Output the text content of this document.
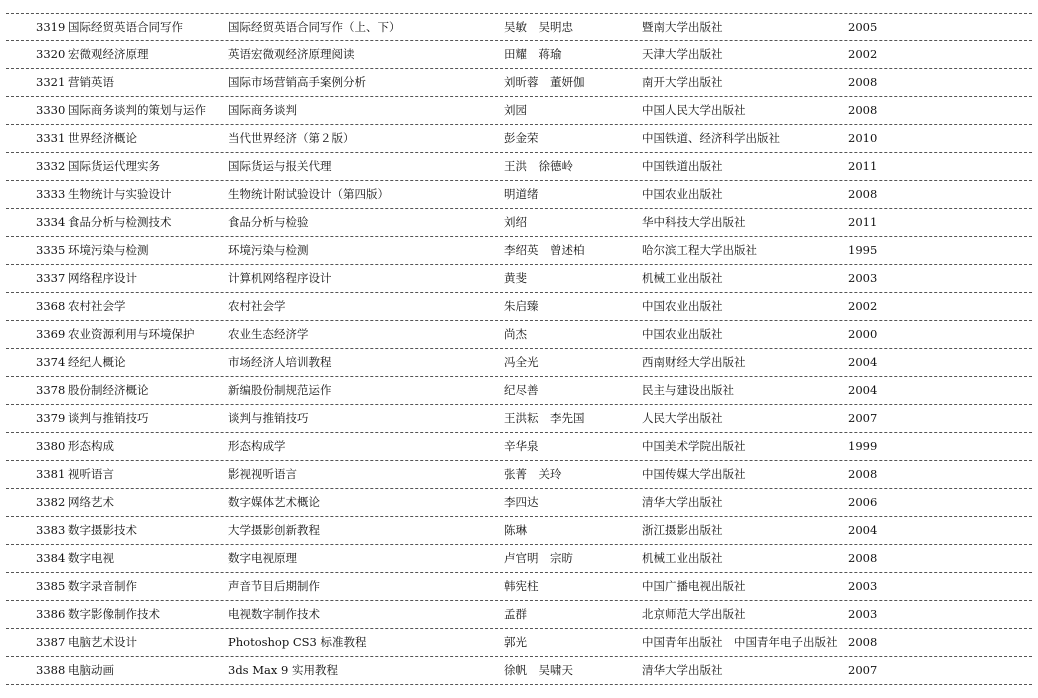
3319 国际经贸英语合同写作	国际经贸英语合同写作（上、下）	吴敏　吴明忠	暨南大学出版社	2005
3320 宏微观经济原理	英语宏微观经济原理阅读	田耀　蒋瑜	天津大学出版社	2002
3321 营销英语	国际市场营销高手案例分析	刘昕蓉　董妍伽	南开大学出版社	2008
3330 国际商务谈判的策划与运作	国际商务谈判	刘园	中国人民大学出版社	2008
3331 世界经济概论	当代世界经济（第２版）	彭金荣	中国铁道、经济科学出版社	2010
3332 国际货运代理实务	国际货运与报关代理	王洪　徐德岭	中国铁道出版社	2011
3333 生物统计与实验设计	生物统计附试验设计（第四版）	明道绪	中国农业出版社	2008
3334 食品分析与检测技术	食品分析与检验	刘绍	华中科技大学出版社	2011
3335 环境污染与检测	环境污染与检测	李绍英　曾述柏	哈尔滨工程大学出版社	1995
3337 网络程序设计	计算机网络程序设计	黄斐	机械工业出版社	2003
3368 农村社会学	农村社会学	朱启臻	中国农业出版社	2002
3369 农业资源利用与环境保护	农业生态经济学	尚杰	中国农业出版社	2000
3374 经纪人概论	市场经济人培训教程	冯全光	西南财经大学出版社	2004
3378 股份制经济概论	新编股份制规范运作	纪尽善	民主与建设出版社	2004
3379 谈判与推销技巧	谈判与推销技巧	王洪耘　李先国	人民大学出版社	2007
3380 形态构成	形态构成学	辛华泉	中国美术学院出版社	1999
3381 视听语言	影视视听语言	张菁　关玲	中国传媒大学出版社	2008
3382 网络艺术	数字媒体艺术概论	李四达	清华大学出版社	2006
3383 数字摄影技术	大学摄影创新教程	陈琳	浙江摄影出版社	2004
3384 数字电视	数字电视原理	卢官明　宗昉	机械工业出版社	2008
3385 数字录音制作	声音节目后期制作	韩宪柱	中国广播电视出版社	2003
3386 数字影像制作技术	电视数字制作技术	孟群	北京师范大学出版社	2003
3387 电脑艺术设计	Photoshop CS3 标准教程	郭光	中国青年出版社　中国青年电子出版社 2008
3388 电脑动画	3ds Max 9 实用教程	徐帆　吴啸天	清华大学出版社	2007
